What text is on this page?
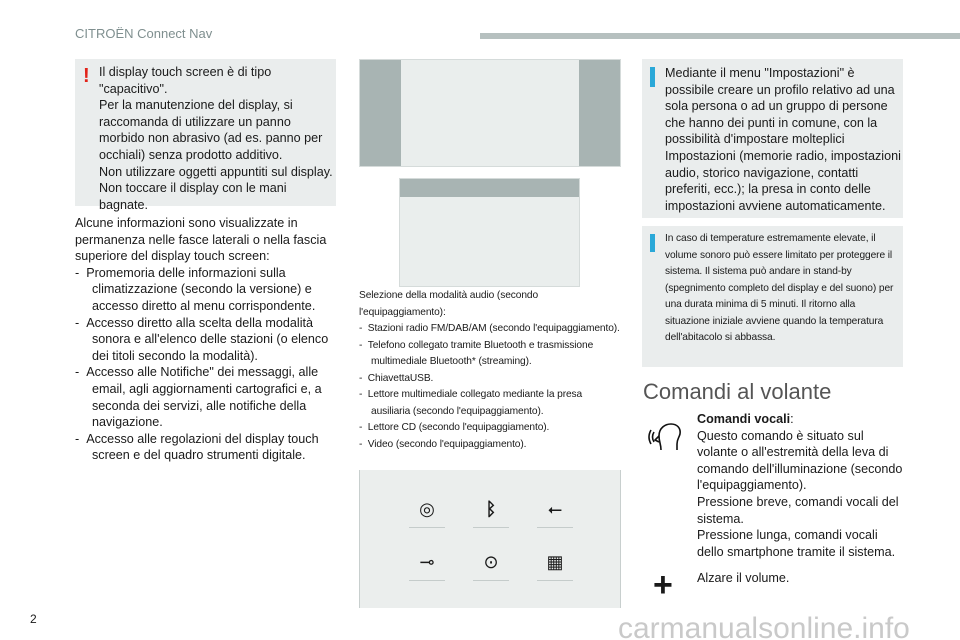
CITROËN Connect Nav
2
! Il display touch screen è di tipo

"capacitivo".

Per la manutenzione del display, si

raccomanda di utilizzare un panno

morbido non abrasivo (ad es. panno per

occhiali) senza prodotto additivo.

Non utilizzare oggetti appuntiti sul display.

Non toccare il display con le mani bagnate.

Alcune informazioni sono visualizzate in permanenza nelle fasce laterali o nella fascia superiore del display touch screen:

-  Promemoria delle informazioni sulla climatizzazione (secondo la versione) e accesso diretto al menu corrispondente.

-  Accesso diretto alla scelta della modalità sonora e all'elenco delle stazioni (o elenco dei titoli secondo la modalità).

-  Accesso alle Notifiche" dei messaggi, alle email, agli aggiornamenti cartografici e, a seconda dei servizi, alle notifiche della navigazione.

-  Accesso alle regolazioni del display touch screen e del quadro strumenti digitale.

Selezione della modalità audio (secondo l'equipaggiamento):

-  Stazioni radio FM/DAB/AM (secondo l'equipaggiamento).

-  Telefono collegato tramite Bluetooth e trasmissione multimediale Bluetooth* (streaming).

-  ChiavettaUSB.

-  Lettore multimediale collegato mediante la presa ausiliaria (secondo l'equipaggiamento).

-  Lettore CD (secondo l'equipaggiamento).

-  Video (secondo l'equipaggiamento).

◎	ᛒ	⭠
⊸	⊙	▦
Mediante il menu "Impostazioni" è possibile creare un profilo relativo ad una sola persona o ad un gruppo di persone che hanno dei punti in comune, con la possibilità d'impostare molteplici Impostazioni (memorie radio, impostazioni audio, storico navigazione, contatti preferiti, ecc.); la presa in conto delle impostazioni avviene automaticamente.
In caso di temperature estremamente elevate, il volume sonoro può essere limitato per proteggere il sistema. Il sistema può andare in stand-by (spegnimento completo del display e del suono) per una durata minima di 5 minuti. Il ritorno alla situazione iniziale avviene quando la temperatura dell'abitacolo si abbassa.
Comandi al volante

Comandi vocali:

Questo comando è situato sul volante o all'estremità della leva di comando dell'illuminazione (secondo l'equipaggiamento).

Pressione breve, comandi vocali del sistema.

Pressione lunga, comandi vocali dello smartphone tramite il sistema.

+ Alzare il volume.
carmanualsonline.info
